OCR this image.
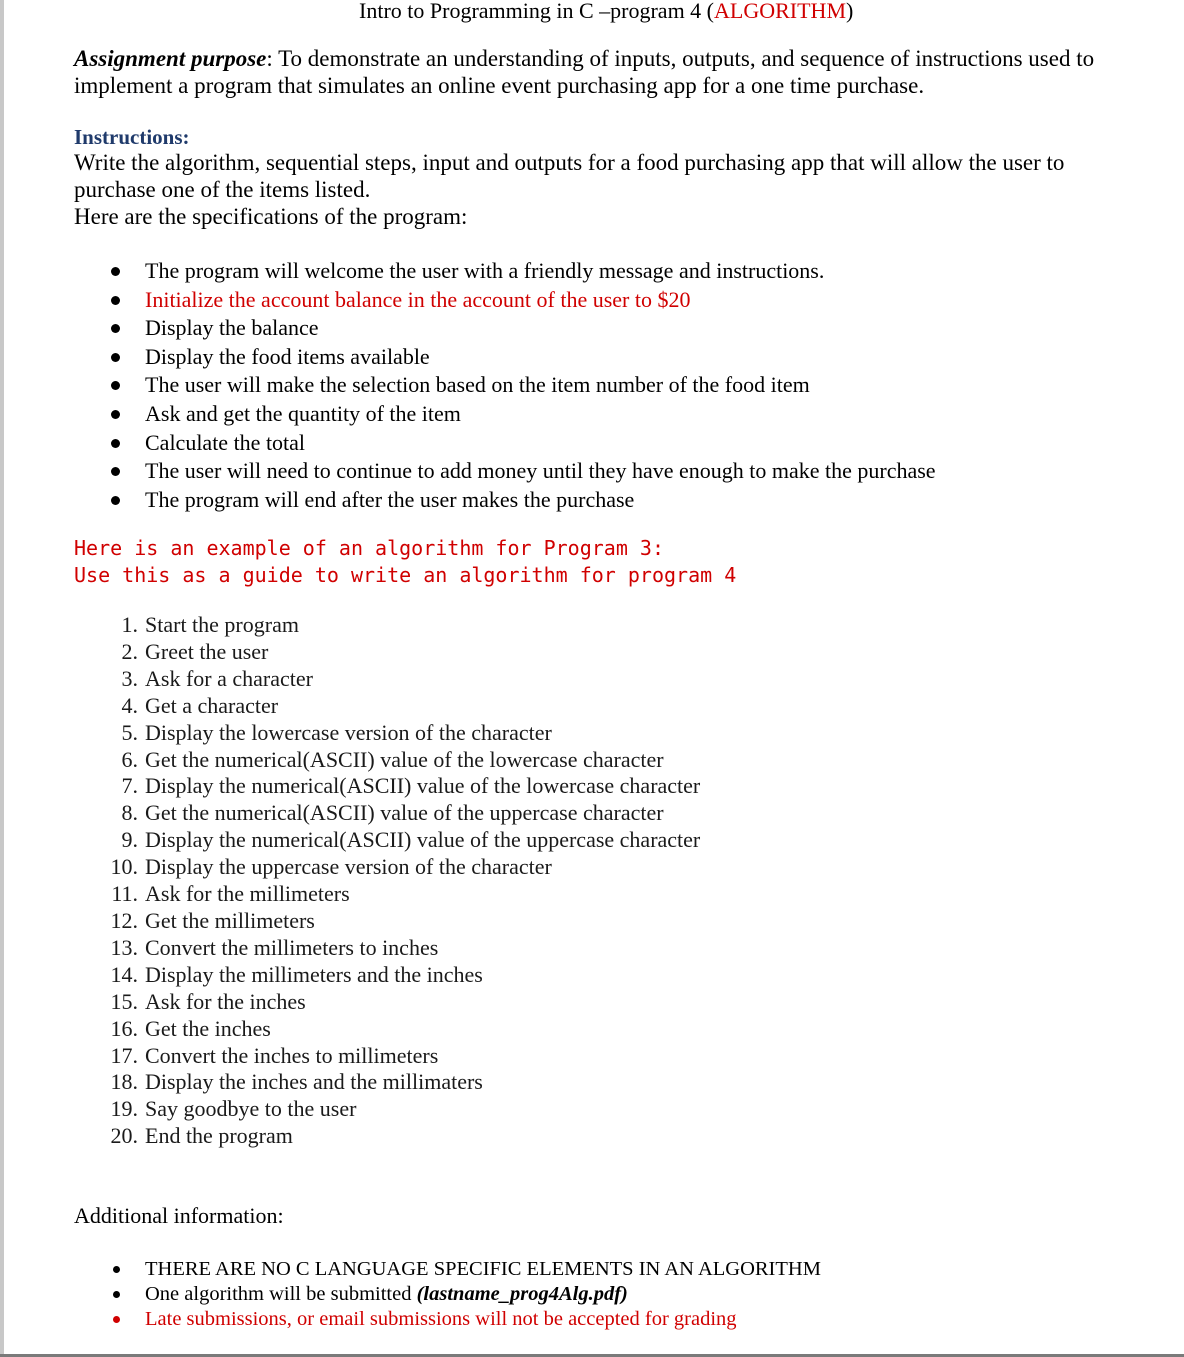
Intro to Programming in C –program 4 (ALGORITHM)
Assignment purpose: To demonstrate an understanding of inputs, outputs, and sequence of instructions used to implement a program that simulates an online event purchasing app for a one time purchase.
Instructions:
Write the algorithm, sequential steps, input and outputs for a food purchasing app that will allow the user to
purchase one of the items listed.
Here are the specifications of the program:
The program will welcome the user with a friendly message and instructions.
Initialize the account balance in the account of the user to $20
Display the balance
Display the food items available
The user will make the selection based on the item number of the food item
Ask and get the quantity of the item
Calculate the total
The user will need to continue to add money until they have enough to make the purchase
The program will end after the user makes the purchase
Here is an example of an algorithm for Program 3:
Use this as a guide to write an algorithm for program 4
1. Start the program
2. Greet the user
3. Ask for a character
4. Get a character
5. Display the lowercase version of the character
6. Get the numerical(ASCII) value of the lowercase character
7. Display the numerical(ASCII) value of the lowercase character
8. Get the numerical(ASCII) value of the uppercase character
9. Display the numerical(ASCII) value of the uppercase character
10. Display the uppercase version of the character
11. Ask for the millimeters
12. Get the millimeters
13. Convert the millimeters to inches
14. Display the millimeters and the inches
15. Ask for the inches
16. Get the inches
17. Convert the inches to millimeters
18. Display the inches and the millimaters
19. Say goodbye to the user
20. End the program
Additional information:
THERE ARE NO C LANGUAGE SPECIFIC ELEMENTS IN AN ALGORITHM
One algorithm will be submitted (lastname_prog4Alg.pdf)
Late submissions, or email submissions will not be accepted for grading
